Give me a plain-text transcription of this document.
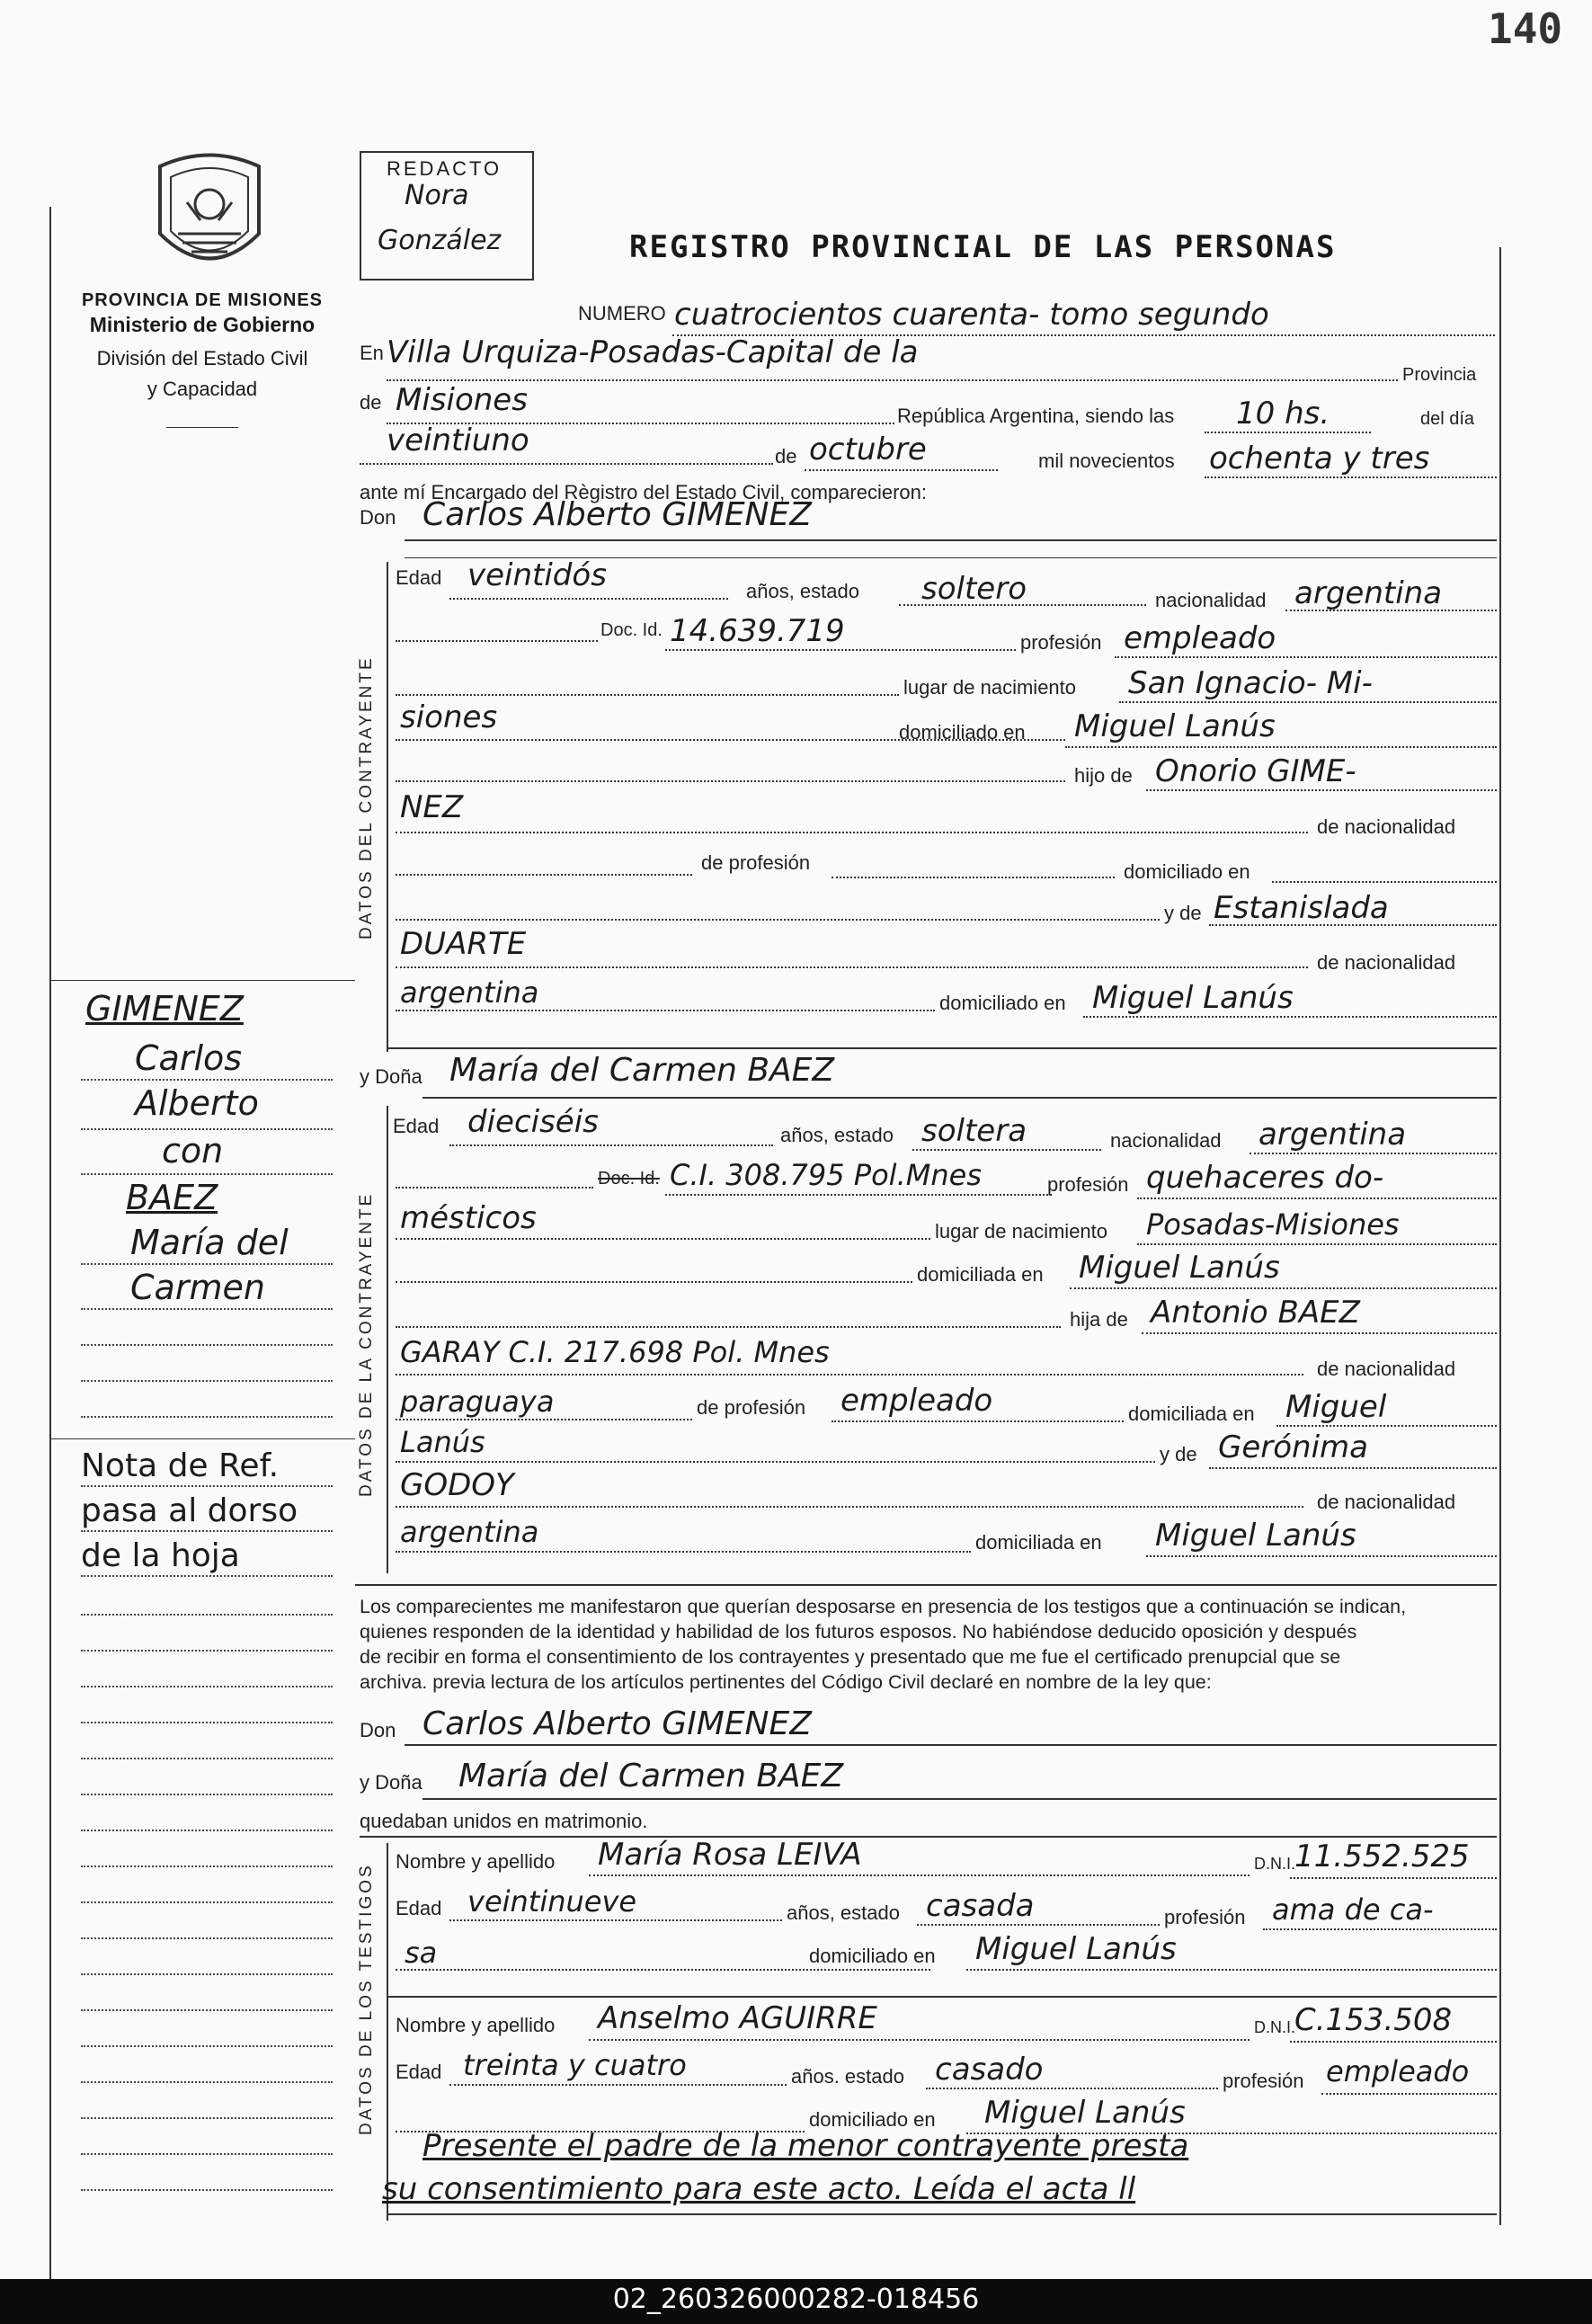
140
PROVINCIA DE MISIONES
Ministerio de Gobierno
División del Estado Civil
y Capacidad
REDACTO
Nora
González	REGISTRO PROVINCIAL DE LAS PERSONAS
NUMERO cuatrocientos cuarenta- tomo segundo
En Villa Urquiza-Posadas-Capital de la
Provincia
de Misiones	República Argentina, siendo las 10 hs.	del día
veintiuno	de octubre	mil novecientos ochenta y tres
ante mí Encargado del Règistro del Estado Civil, comparecieron:
Don Carlos Alberto GIMENEZ
DATOS DEL CONTRAYENTE
Edad veintidós	años, estado soltero	nacionalidad argentina
Doc. Id. 14.639.719	profesión empleado
lugar de nacimiento San Ignacio- Mi-
siones	domiciliado en Miguel Lanús
hijo de Onorio GIME-
NEZ
de nacionalidad
de profesión	domiciliado en
y de Estanislada
DUARTE
de nacionalidad
argentina	domiciliado en Miguel Lanús
y Doña María del Carmen BAEZ
DATOS DE LA CONTRAYENTE
Edad dieciséis	años, estado soltera	nacionalidad argentina
Doc. Id. C.I. 308.795 Pol.Mnes	profesión quehaceres do-
mésticos	lugar de nacimiento Posadas-Misiones
domiciliada en Miguel Lanús
hija de Antonio BAEZ
GARAY C.I. 217.698 Pol. Mnes	de nacionalidad
paraguaya	de profesión empleado	domiciliada en Miguel
Lanús	y de Gerónima
GODOY	de nacionalidad
argentina	domiciliada en Miguel Lanús
Los comparecientes me manifestaron que querían desposarse en presencia de los testigos que a continuación se indican,
quienes responden de la identidad y habilidad de los futuros esposos. No habiéndose deducido oposición y después
de recibir en forma el consentimiento de los contrayentes y presentado que me fue el certificado prenupcial que se
archiva. previa lectura de los artículos pertinentes del Código Civil declaré en nombre de la ley que:
Don Carlos Alberto GIMENEZ
y Doña María del Carmen BAEZ
quedaban unidos en matrimonio.
DATOS DE LOS TESTIGOS
Nombre y apellido María Rosa LEIVA	D.N.I.
11.552.525
Edad veintinueve	años, estado casada	profesión ama de ca-
sa	domiciliado en Miguel Lanús
Nombre y apellido Anselmo AGUIRRE	D.N.I.
C.153.508
Edad treinta y cuatro	años. estado casado	profesión empleado
domiciliado en Miguel Lanús
Presente el padre de la menor contrayente presta
su consentimiento para este acto. Leída el acta ll
GIMENEZ
Carlos
Alberto
con
BAEZ
María del
Carmen
Nota de Ref.
pasa al dorso
de la hoja
02_260326000282-018456
